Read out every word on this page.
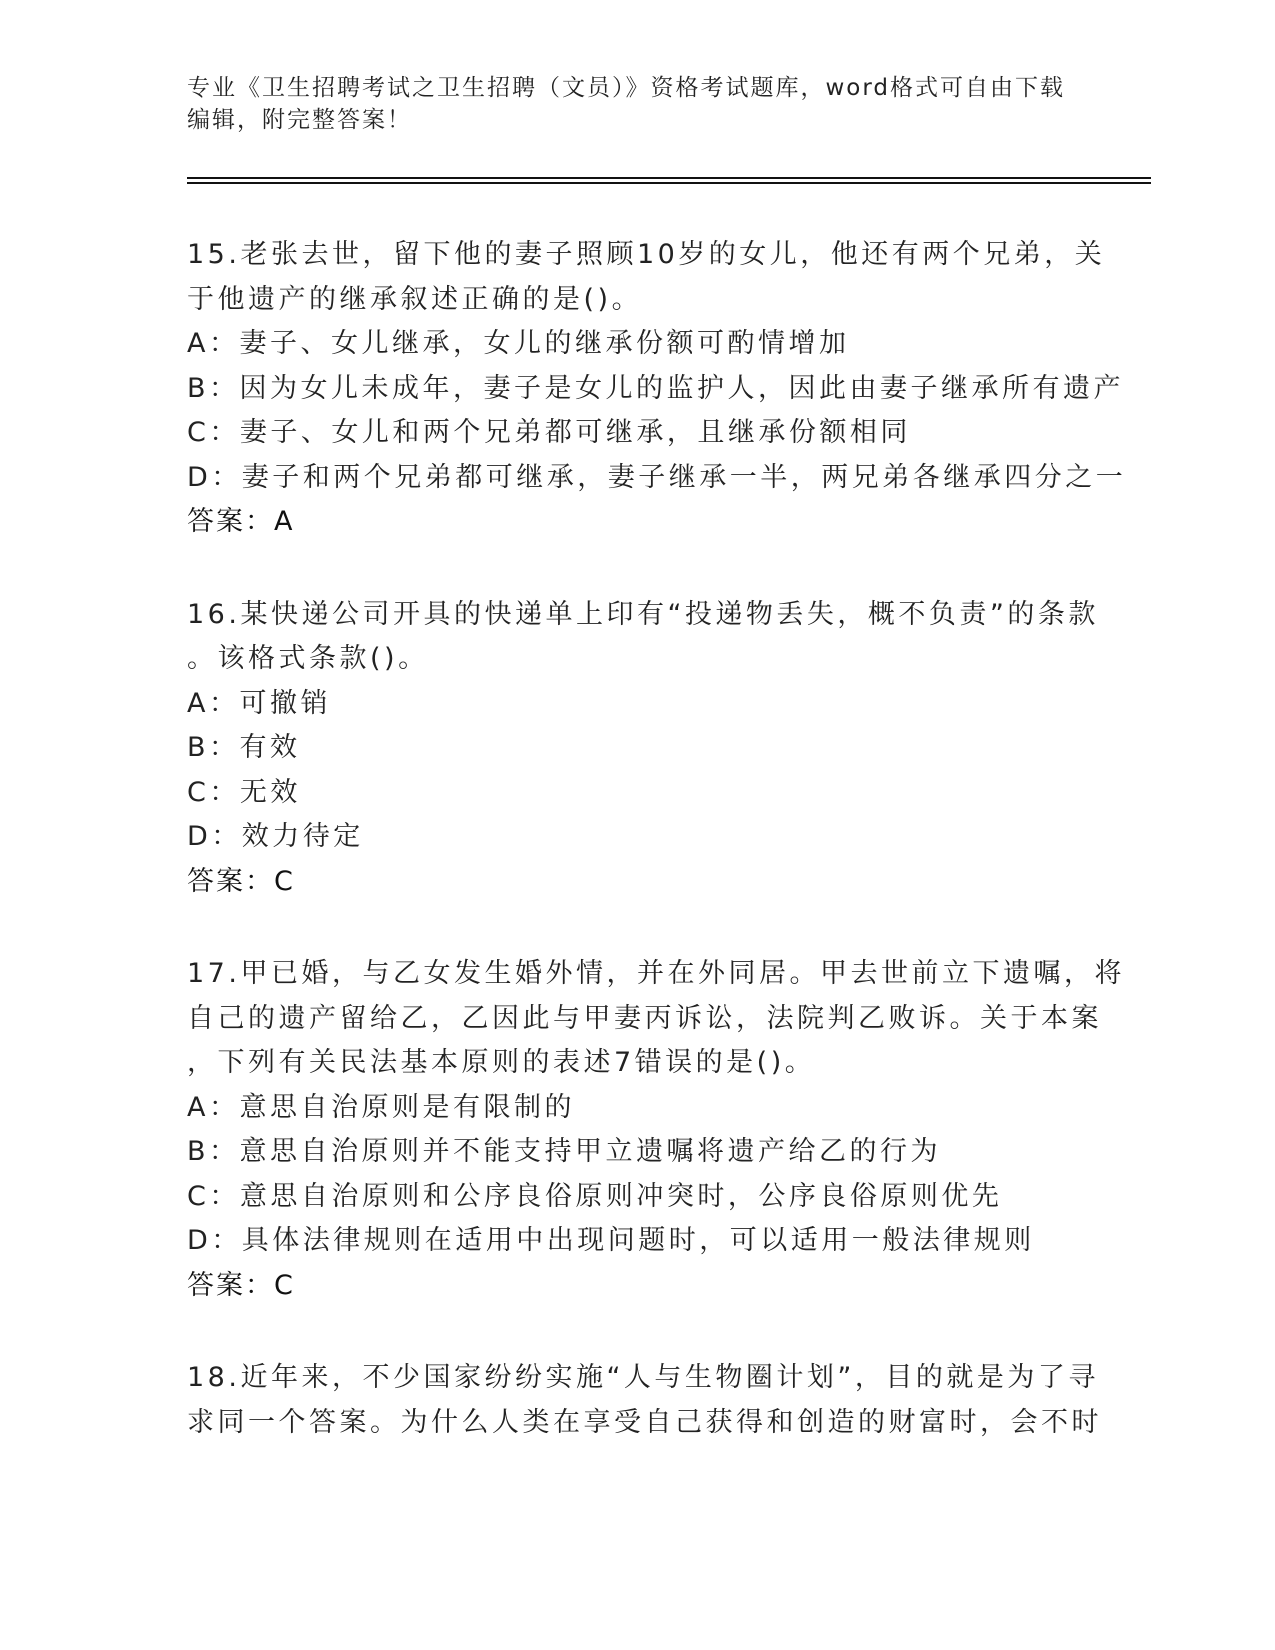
专业《卫生招聘考试之卫生招聘（文员）》资格考试题库，word格式可自由下载

编辑，附完整答案！

15.老张去世，留下他的妻子照顾10岁的女儿，他还有两个兄弟，关
于他遗产的继承叙述正确的是()。
A：妻子、女儿继承，女儿的继承份额可酌情增加
B：因为女儿未成年，妻子是女儿的监护人，因此由妻子继承所有遗产
C：妻子、女儿和两个兄弟都可继承，且继承份额相同
D：妻子和两个兄弟都可继承，妻子继承一半，两兄弟各继承四分之一
答案：A
16.某快递公司开具的快递单上印有“投递物丢失，概不负责”的条款
。该格式条款()。
A：可撤销
B：有效
C：无效
D：效力待定
答案：C
17.甲已婚，与乙女发生婚外情，并在外同居。甲去世前立下遗嘱，将
自己的遗产留给乙，乙因此与甲妻丙诉讼，法院判乙败诉。关于本案
，下列有关民法基本原则的表述7错误的是()。
A：意思自治原则是有限制的
B：意思自治原则并不能支持甲立遗嘱将遗产给乙的行为
C：意思自治原则和公序良俗原则冲突时，公序良俗原则优先
D：具体法律规则在适用中出现问题时，可以适用一般法律规则
答案：C
18.近年来，不少国家纷纷实施“人与生物圈计划”，目的就是为了寻
求同一个答案。为什么人类在享受自己获得和创造的财富时，会不时
